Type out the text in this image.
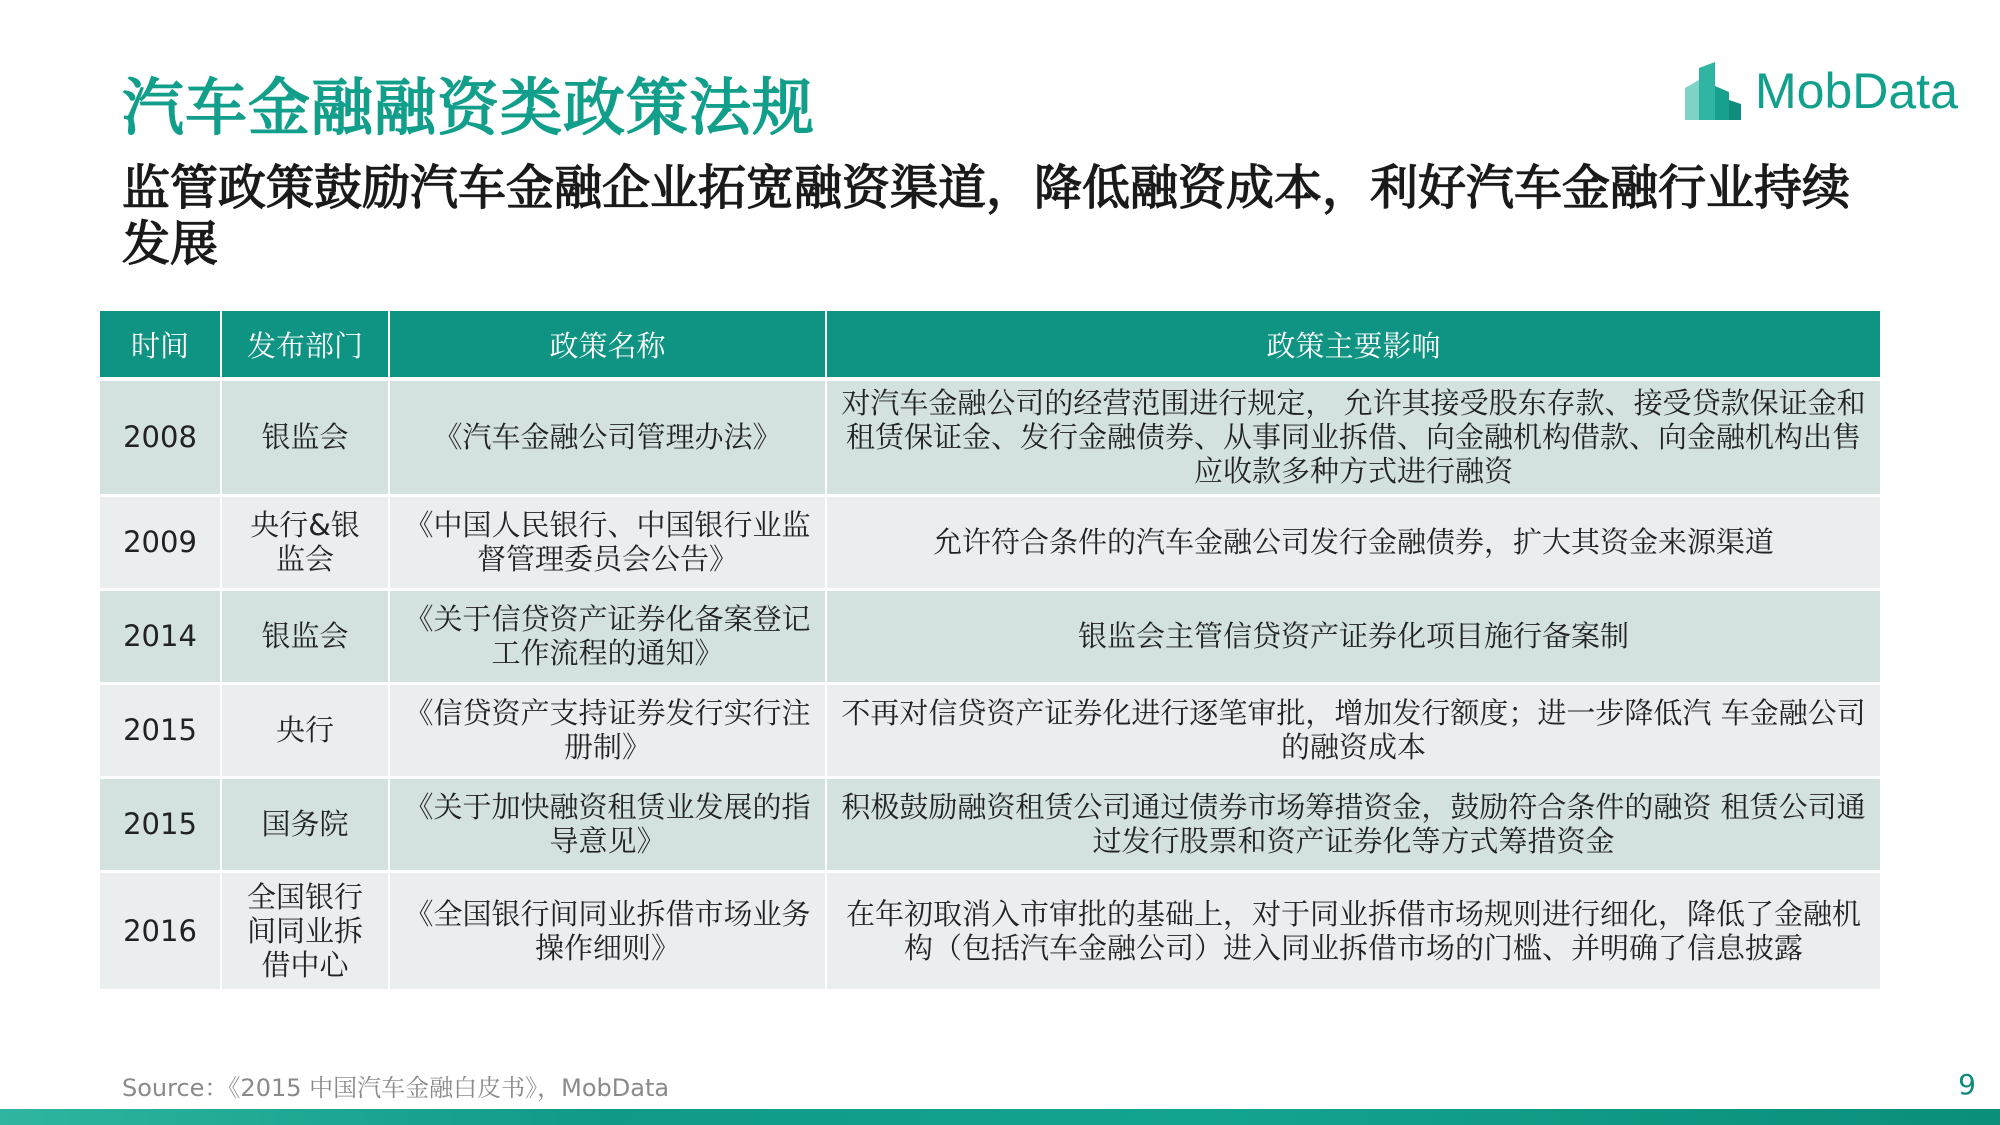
汽车金融融资类政策法规	MobData
监管政策鼓励汽车金融企业拓宽融资渠道，降低融资成本，利好汽车金融行业持续发展
时间	发布部门	政策名称	政策主要影响
2008	银监会	《汽车金融公司管理办法》	对汽车金融公司的经营范围进行规定， 允许其接受股东存款、接受贷款保证金和租赁保证金、发行金融债券、从事同业拆借、向金融机构借款、向金融机构出售应收款多种方式进行融资
2009	央行&银监会	《中国人民银行、中国银行业监督管理委员会公告》	允许符合条件的汽车金融公司发行金融债券，扩大其资金来源渠道
2014	银监会	《关于信贷资产证券化备案登记工作流程的通知》	银监会主管信贷资产证券化项目施行备案制
2015	央行	《信贷资产支持证券发行实行注册制》	不再对信贷资产证券化进行逐笔审批，增加发行额度；进一步降低汽 车金融公司的融资成本
2015	国务院	《关于加快融资租赁业发展的指导意见》	积极鼓励融资租赁公司通过债券市场筹措资金，鼓励符合条件的融资 租赁公司通过发行股票和资产证券化等方式筹措资金
2016	全国银行间同业拆借中心	《全国银行间同业拆借市场业务操作细则》	在年初取消入市审批的基础上，对于同业拆借市场规则进行细化，降低了金融机构（包括汽车金融公司）进入同业拆借市场的门槛、并明确了信息披露
Source：《2015 中国汽车金融白皮书》，MobData	9
